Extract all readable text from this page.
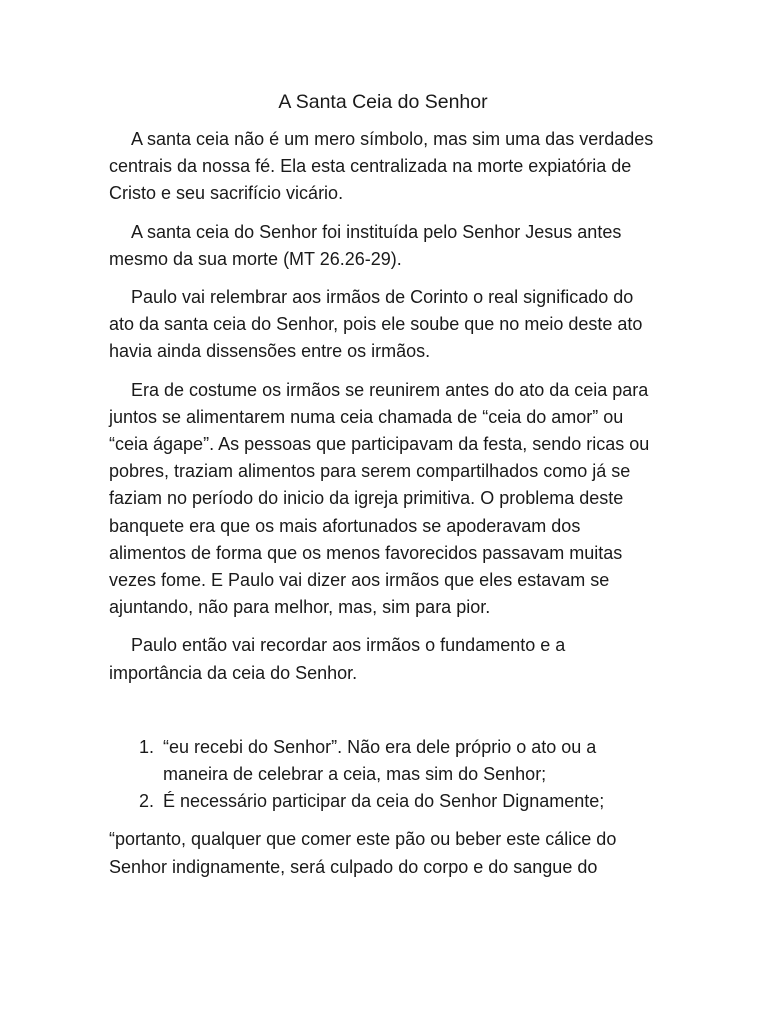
A Santa Ceia do Senhor

A santa ceia não é um mero símbolo, mas sim uma das verdades centrais da nossa fé. Ela esta centralizada na morte expiatória de Cristo e seu sacrifício vicário.

A santa ceia do Senhor foi instituída pelo Senhor Jesus antes mesmo da sua morte (MT 26.26-29).

Paulo vai relembrar aos irmãos de Corinto o real significado do ato da santa ceia do Senhor, pois ele soube que no meio deste ato havia ainda dissensões entre os irmãos.

Era de costume os irmãos se reunirem antes do ato da ceia para juntos se alimentarem numa ceia chamada de “ceia do amor” ou “ceia ágape”. As pessoas que participavam da festa, sendo ricas ou pobres, traziam alimentos para serem compartilhados como já se faziam no período do inicio da igreja primitiva. O problema deste banquete era que os mais afortunados se apoderavam dos alimentos de forma que os menos favorecidos passavam muitas vezes fome. E Paulo vai dizer aos irmãos que eles estavam se ajuntando, não para melhor, mas, sim para pior.

Paulo então vai recordar aos irmãos o fundamento e a importância da ceia do Senhor.

1. “eu recebi do Senhor”. Não era dele próprio o ato ou a maneira de celebrar a ceia, mas sim do Senhor;
2. É necessário participar da ceia do Senhor Dignamente;

“portanto, qualquer que comer este pão ou beber este cálice do Senhor indignamente, será culpado do corpo e do sangue do
